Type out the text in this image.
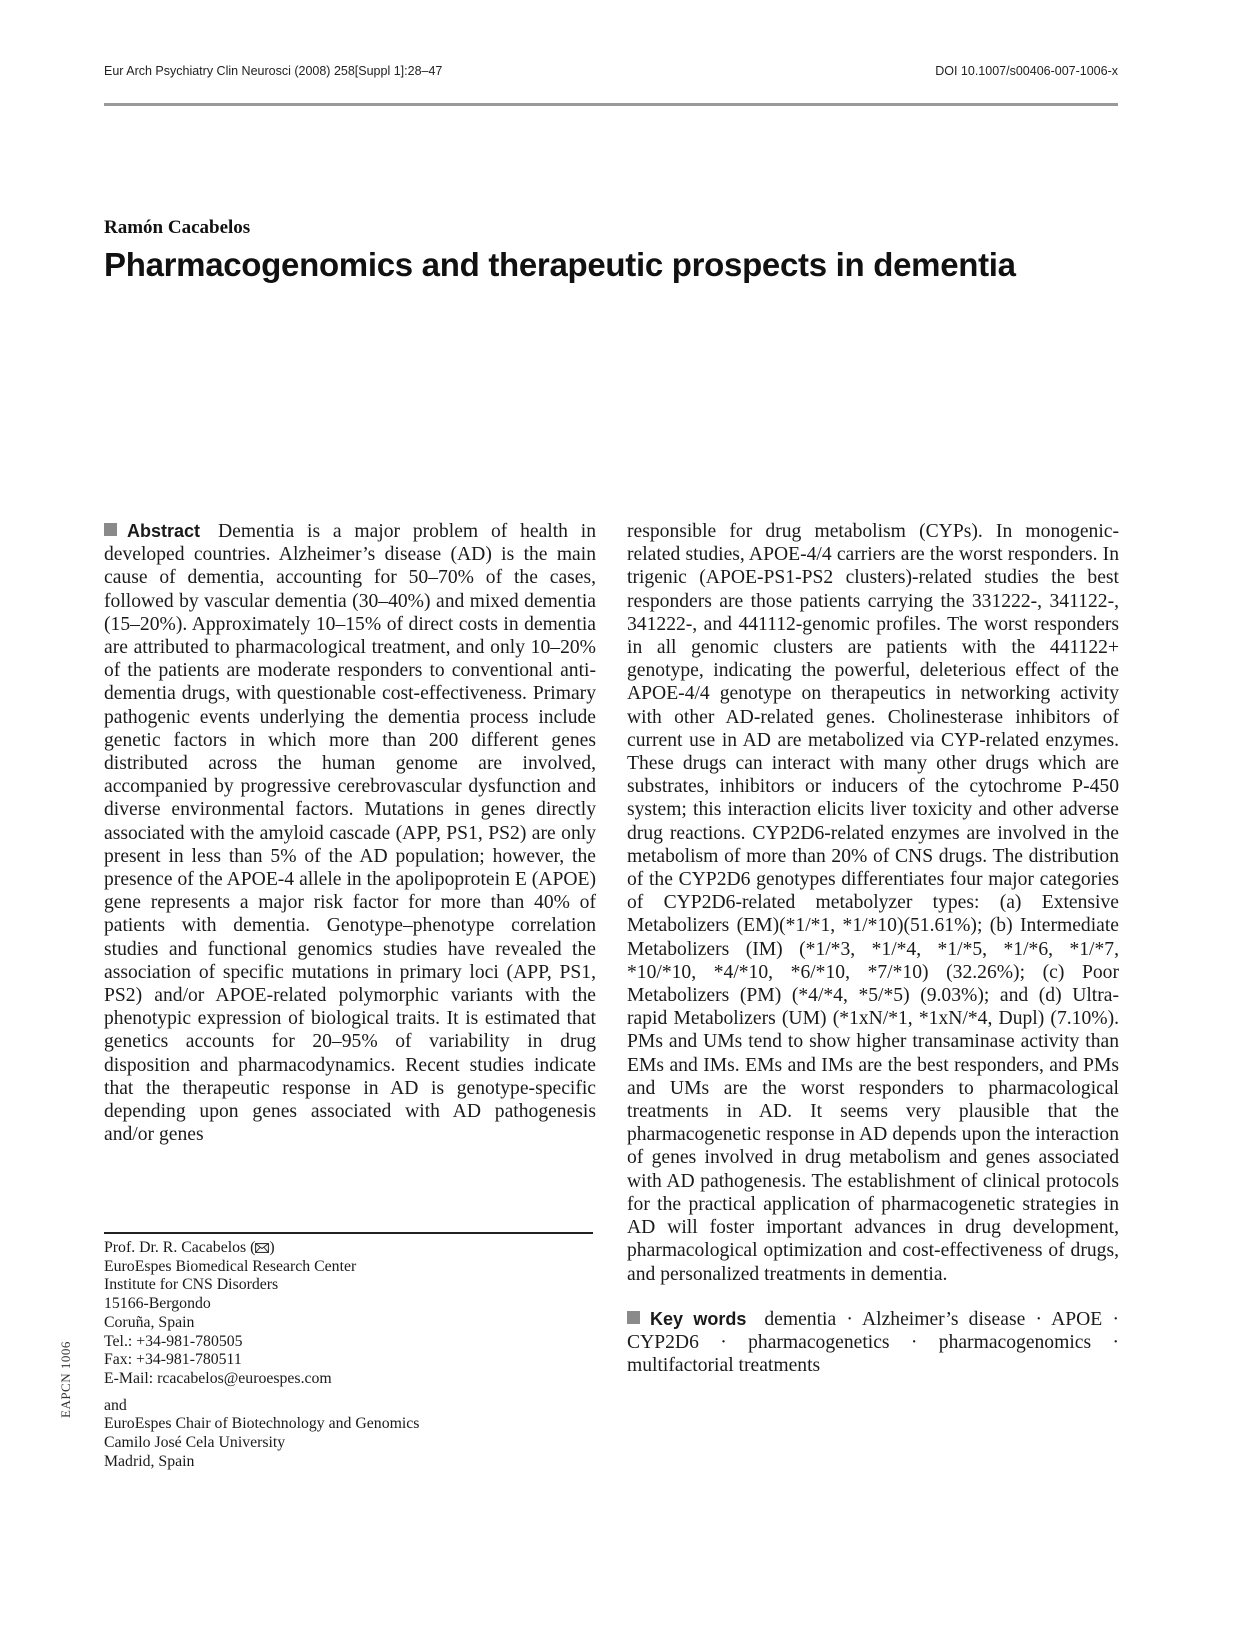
Eur Arch Psychiatry Clin Neurosci (2008) 258[Suppl 1]:28–47	DOI 10.1007/s00406-007-1006-x
Ramón Cacabelos
Pharmacogenomics and therapeutic prospects in dementia
Abstract Dementia is a major problem of health in developed countries. Alzheimer’s disease (AD) is the main cause of dementia, accounting for 50–70% of the cases, followed by vascular dementia (30–40%) and mixed dementia (15–20%). Approximately 10–15% of direct costs in dementia are attributed to pharmacological treatment, and only 10–20% of the patients are moderate responders to conventional anti-dementia drugs, with questionable cost-effectiveness. Primary pathogenic events underlying the dementia process include genetic factors in which more than 200 different genes distributed across the human genome are involved, accompanied by progressive cerebrovascular dysfunction and diverse environmental factors. Mutations in genes directly associated with the amyloid cascade (APP, PS1, PS2) are only present in less than 5% of the AD population; however, the presence of the APOE-4 allele in the apolipoprotein E (APOE) gene represents a major risk factor for more than 40% of patients with dementia. Genotype–phenotype correlation studies and functional genomics studies have revealed the association of specific mutations in primary loci (APP, PS1, PS2) and/or APOE-related polymorphic variants with the phenotypic expression of biological traits. It is estimated that genetics accounts for 20–95% of variability in drug disposition and pharmacodynamics. Recent studies indicate that the therapeutic response in AD is genotype-specific depending upon genes associated with AD pathogenesis and/or genes
responsible for drug metabolism (CYPs). In monogenic-related studies, APOE-4/4 carriers are the worst responders. In trigenic (APOE-PS1-PS2 clusters)-related studies the best responders are those patients carrying the 331222-, 341122-, 341222-, and 441112-genomic profiles. The worst responders in all genomic clusters are patients with the 441122+ genotype, indicating the powerful, deleterious effect of the APOE-4/4 genotype on therapeutics in networking activity with other AD-related genes. Cholinesterase inhibitors of current use in AD are metabolized via CYP-related enzymes. These drugs can interact with many other drugs which are substrates, inhibitors or inducers of the cytochrome P-450 system; this interaction elicits liver toxicity and other adverse drug reactions. CYP2D6-related enzymes are involved in the metabolism of more than 20% of CNS drugs. The distribution of the CYP2D6 genotypes differentiates four major categories of CYP2D6-related metabolyzer types: (a) Extensive Metabolizers (EM)(*1/*1, *1/*10)(51.61%); (b) Intermediate Metabolizers (IM) (*1/*3, *1/*4, *1/*5, *1/*6, *1/*7, *10/*10, *4/*10, *6/*10, *7/*10) (32.26%); (c) Poor Metabolizers (PM) (*4/*4, *5/*5) (9.03%); and (d) Ultra-rapid Metabolizers (UM) (*1xN/*1, *1xN/*4, Dupl) (7.10%). PMs and UMs tend to show higher transaminase activity than EMs and IMs. EMs and IMs are the best responders, and PMs and UMs are the worst responders to pharmacological treatments in AD. It seems very plausible that the pharmacogenetic response in AD depends upon the interaction of genes involved in drug metabolism and genes associated with AD pathogenesis. The establishment of clinical protocols for the practical application of pharmacogenetic strategies in AD will foster important advances in drug development, pharmacological optimization and cost-effectiveness of drugs, and personalized treatments in dementia.
Key words dementia · Alzheimer’s disease · APOE · CYP2D6 · pharmacogenetics · pharmacogenomics · multifactorial treatments
Prof. Dr. R. Cacabelos ( )
EuroEspes Biomedical Research Center
Institute for CNS Disorders
15166-Bergondo
Coruña, Spain
Tel.: +34-981-780505
Fax: +34-981-780511
E-Mail: rcacabelos@euroespes.com
and
EuroEspes Chair of Biotechnology and Genomics
Camilo José Cela University
Madrid, Spain
EAPCN 1006
